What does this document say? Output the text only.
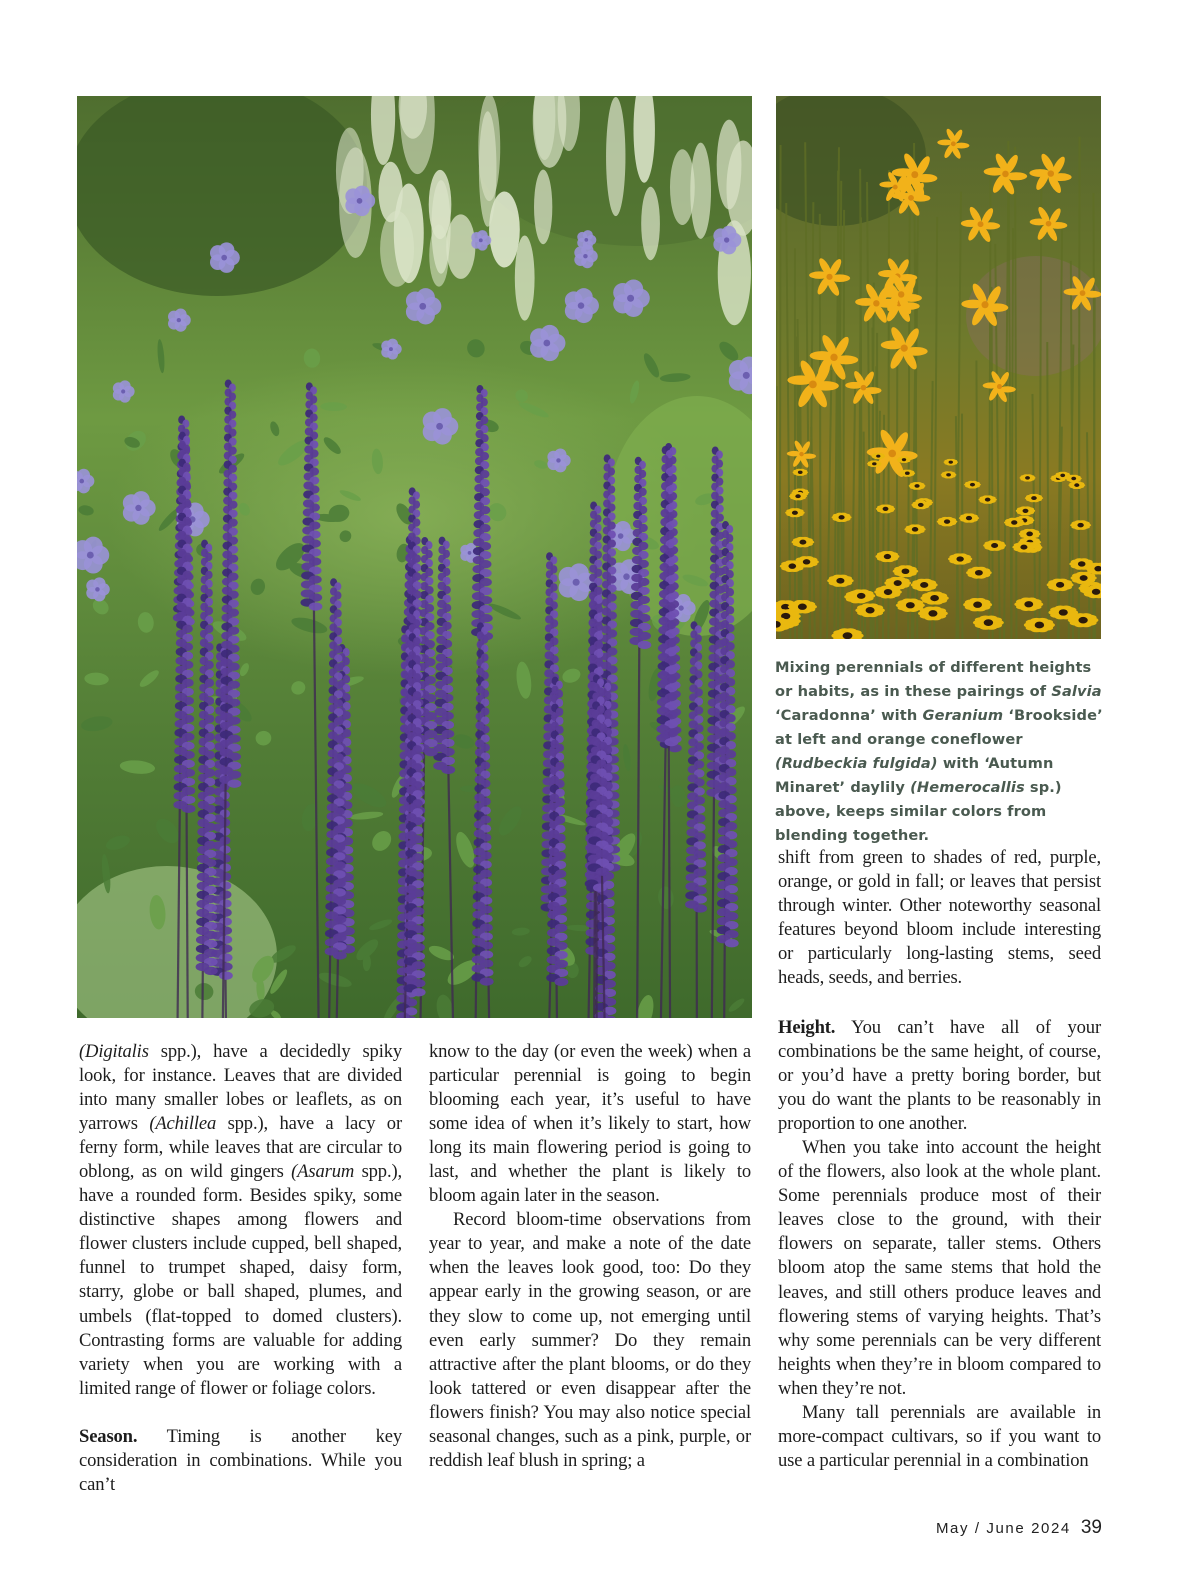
Mixing perennials of different heights or habits, as in these pairings of Salvia ‘Caradonna’ with Geranium ‘Brookside’ at left and orange coneflower (Rudbeckia fulgida) with ‘Autumn Minaret’ daylily (Hemerocallis sp.) above, keeps similar colors from blending together.

(Digitalis spp.), have a decidedly spiky look, for instance. Leaves that are divided into many smaller lobes or leaflets, as on yarrows (Achillea spp.), have a lacy or ferny form, while leaves that are circular to oblong, as on wild gingers (Asarum spp.), have a rounded form. Besides spiky, some distinctive shapes among flowers and flower clusters include cupped, bell shaped, funnel to trumpet shaped, daisy form, starry, globe or ball shaped, plumes, and umbels (flat-topped to domed clusters). Contrasting forms are valuable for adding variety when you are working with a limited range of flower or foliage colors.

Season. Timing is another key consideration in combinations. While you can’t

know to the day (or even the week) when a particular perennial is going to begin blooming each year, it’s useful to have some idea of when it’s likely to start, how long its main flowering period is going to last, and whether the plant is likely to bloom again later in the season.

Record bloom-time observations from year to year, and make a note of the date when the leaves look good, too: Do they appear early in the growing season, or are they slow to come up, not emerging until even early summer? Do they remain attractive after the plant blooms, or do they look tattered or even disappear after the flowers finish? You may also notice special seasonal changes, such as a pink, purple, or reddish leaf blush in spring; a

shift from green to shades of red, purple, orange, or gold in fall; or leaves that persist through winter. Other noteworthy seasonal features beyond bloom include interesting or particularly long-lasting stems, seed heads, seeds, and berries.

Height. You can’t have all of your combinations be the same height, of course, or you’d have a pretty boring border, but you do want the plants to be reasonably in proportion to one another.

When you take into account the height of the flowers, also look at the whole plant. Some perennials produce most of their leaves close to the ground, with their flowers on separate, taller stems. Others bloom atop the same stems that hold the leaves, and still others produce leaves and flowering stems of varying heights. That’s why some perennials can be very different heights when they’re in bloom compared to when they’re not.

Many tall perennials are available in more-compact cultivars, so if you want to use a particular perennial in a combination

May / June 2024 39
